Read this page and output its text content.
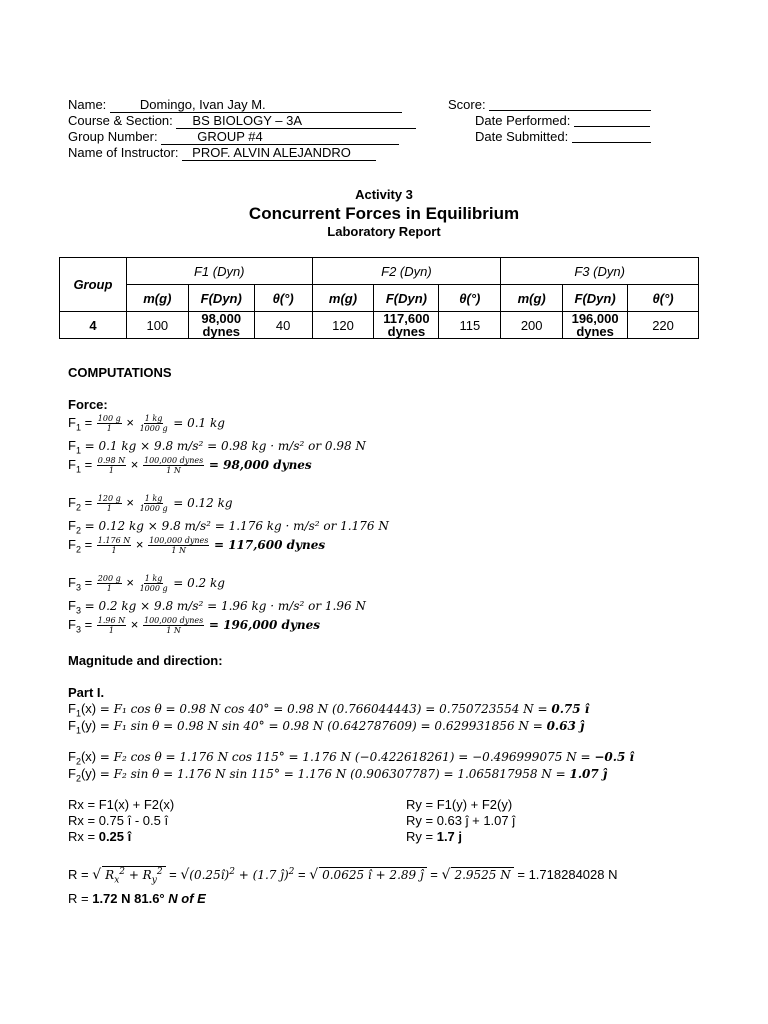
Name:	Domingo, Ivan Jay M.
Course & Section: BS BIOLOGY – 3A
Group Number:	GROUP #4
Name of Instructor: PROF. ALVIN ALEJANDRO
Score:
Date Performed:
Date Submitted:
Activity 3
Concurrent Forces in Equilibrium
Laboratory Report
Group	F1 (Dyn)			F2 (Dyn)			F3 (Dyn)		
	m(g)	F(Dyn)	θ(°)	m(g)	F(Dyn)	θ(°)	m(g)	F(Dyn)	θ(°)
4	100	98,000 dynes	40	120	117,600 dynes	115	200	196,000 dynes	220
COMPUTATIONS
Force:
$F_1 = \frac{100 g}{1} \times \frac{1 kg}{1000 g} = 0.1$ kg
$F_1 = 0.1$ kg × 9.8 m/s² = 0.98 kg · m/s² or 0.98 N
$F_1 = \frac{0.98 N}{1} \times \frac{\text{100,000 dynes}}{1 N} = 98,000$ dynes
$F_2 = \frac{120 g}{1} \times \frac{1 kg}{1000 g} = 0.12$ kg
$F_2 = 0.12$ kg × 9.8 m/s² = 1.176 kg · m/s² or 1.176 N
$F_2 = \frac{1.176 N}{1} \times \frac{\text{100,000 dynes}}{1 N} = 117,600$ dynes
$F_3 = \frac{200 g}{1} \times \frac{1 kg}{1000 g} = 0.2$ kg
$F_3 = 0.2$ kg × 9.8 m/s² = 1.96 kg · m/s² or 1.96 N
$F_3 = \frac{1.96 N}{1} \times \frac{\text{100,000 dynes}}{1 N} = 196,000$ dynes
Magnitude and direction:
Part I.
$F_1(x) = F_1$ cos θ = 0.98 N cos 40° = 0.98 N (0.766044443) = 0.750723554 N = 0.75 î
$F_1(y) = F_1$ sin θ = 0.98 N sin 40° = 0.98 N (0.642787609) = 0.629931856 N = 0.63 ĵ
$F_2(x) = F_2$ cos θ = 1.176 N cos 115° = 1.176 N (−0.422618261) = −0.496999075 N = −0.5 î
$F_2(y) = F_2$ sin θ = 1.176 N sin 115° = 1.176 N (0.906307787) = 1.065817958 N = 1.07 ĵ
Rx = F1(x) + F2(x)
Rx = 0.75 î - 0.5 î
Rx = 0.25 î
Ry = F1(y) + F2(y)
Ry = 0.63 ĵ + 1.07 ĵ
Ry = 1.7 j
R = √ $R_x^2 + R_y^2$ = √(0.25î)$^2$ + (1.7 ĵ)$^2$ = √ 0.0625 î + 2.89 ĵ = √ 2.9525 N = 1.718284028 N
R = 1.72 N 81.6° N of E
